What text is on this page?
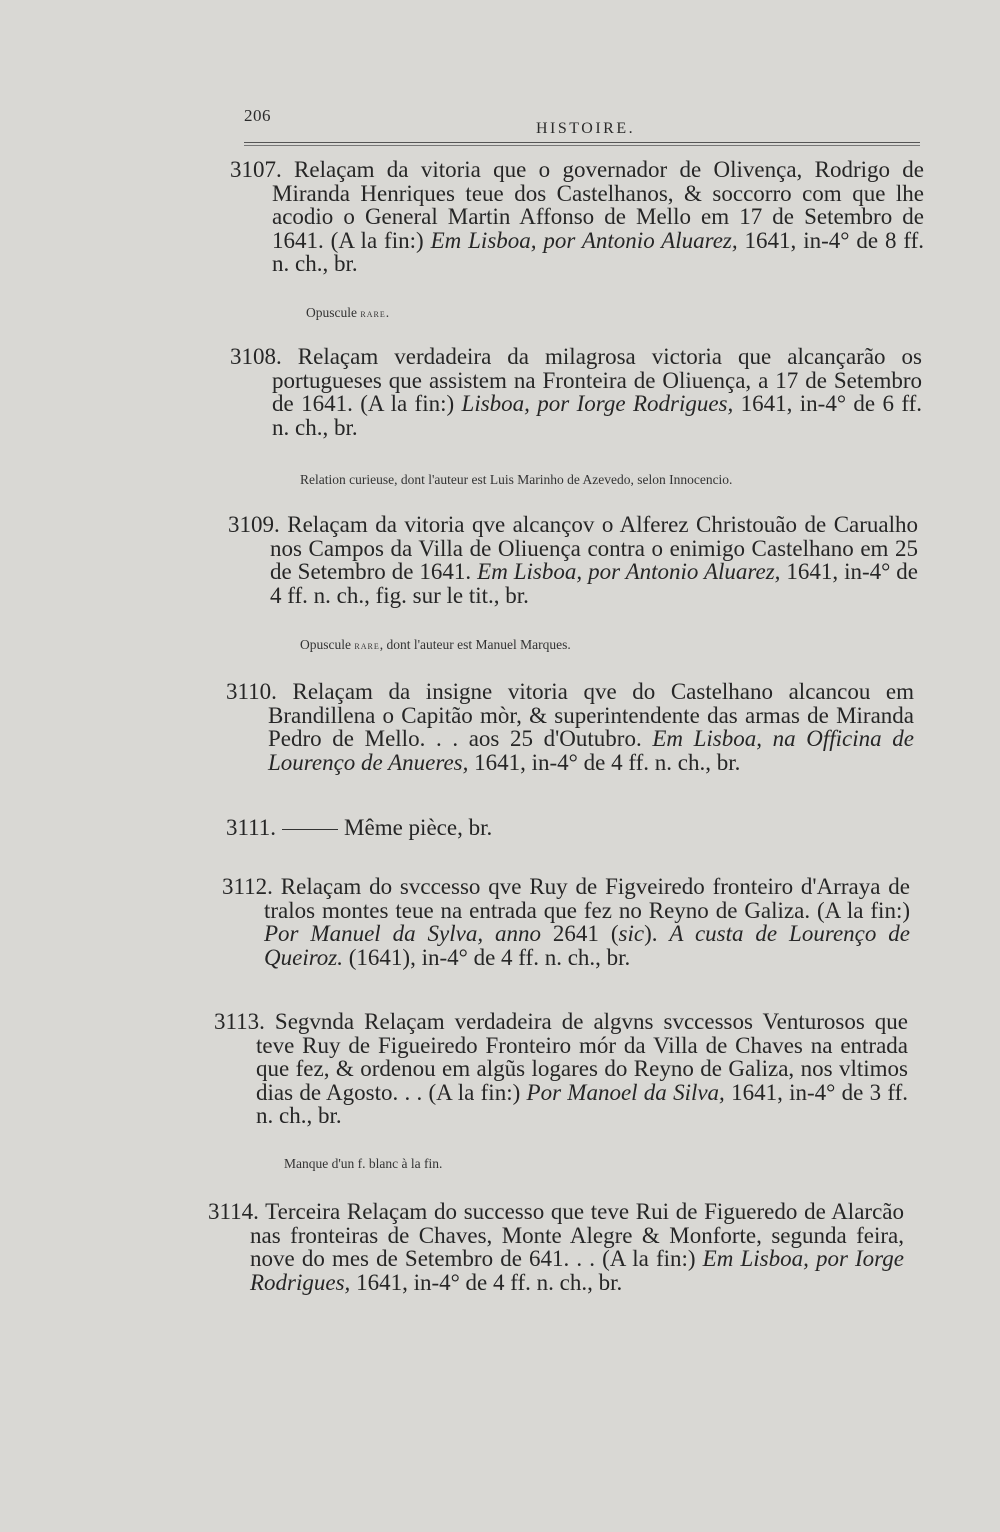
206
HISTOIRE.
3107. Relaçam da vitoria que o governador de Olivença, Rodrigo de Miranda Henriques teue dos Castelhanos, & soccorro com que lhe acodio o General Martin Affonso de Mello em 17 de Setembro de 1641. (A la fin:) Em Lisboa, por Antonio Aluarez, 1641, in-4° de 8 ff. n. ch., br.
Opuscule rare.
3108. Relaçam verdadeira da milagrosa victoria que alcançarão os portugueses que assistem na Fronteira de Oliuença, a 17 de Setembro de 1641. (A la fin:) Lisboa, por Iorge Rodrigues, 1641, in-4° de 6 ff. n. ch., br.
Relation curieuse, dont l'auteur est Luis Marinho de Azevedo, selon Innocencio.
3109. Relaçam da vitoria qve alcançov o Alferez Christouão de Carualho nos Campos da Villa de Oliuença contra o enimigo Castelhano em 25 de Setembro de 1641. Em Lisboa, por Antonio Aluarez, 1641, in-4° de 4 ff. n. ch., fig. sur le tit., br.
Opuscule rare, dont l'auteur est Manuel Marques.
3110. Relaçam da insigne vitoria qve do Castelhano alcancou em Brandillena o Capitão mòr, & superintendente das armas de Miranda Pedro de Mello. . . aos 25 d'Outubro. Em Lisboa, na Officina de Lourenço de Anueres, 1641, in-4° de 4 ff. n. ch., br.
3111.	Même pièce, br.
3112. Relaçam do svccesso qve Ruy de Figveiredo fronteiro d'Arraya de tralos montes teue na entrada que fez no Reyno de Galiza. (A la fin:) Por Manuel da Sylva, anno 2641 (sic). A custa de Lourenço de Queiroz. (1641), in-4° de 4 ff. n. ch., br.
3113. Segvnda Relaçam verdadeira de algvns svccessos Venturosos que teve Ruy de Figueiredo Fronteiro mór da Villa de Chaves na entrada que fez, & ordenou em algũs logares do Reyno de Galiza, nos vltimos dias de Agosto. . . (A la fin:) Por Manoel da Silva, 1641, in-4° de 3 ff. n. ch., br.
Manque d'un f. blanc à la fin.
3114. Terceira Relaçam do successo que teve Rui de Figueredo de Alarcão nas fronteiras de Chaves, Monte Alegre & Monforte, segunda feira, nove do mes de Setembro de 641. . . (A la fin:) Em Lisboa, por Iorge Rodrigues, 1641, in-4° de 4 ff. n. ch., br.
